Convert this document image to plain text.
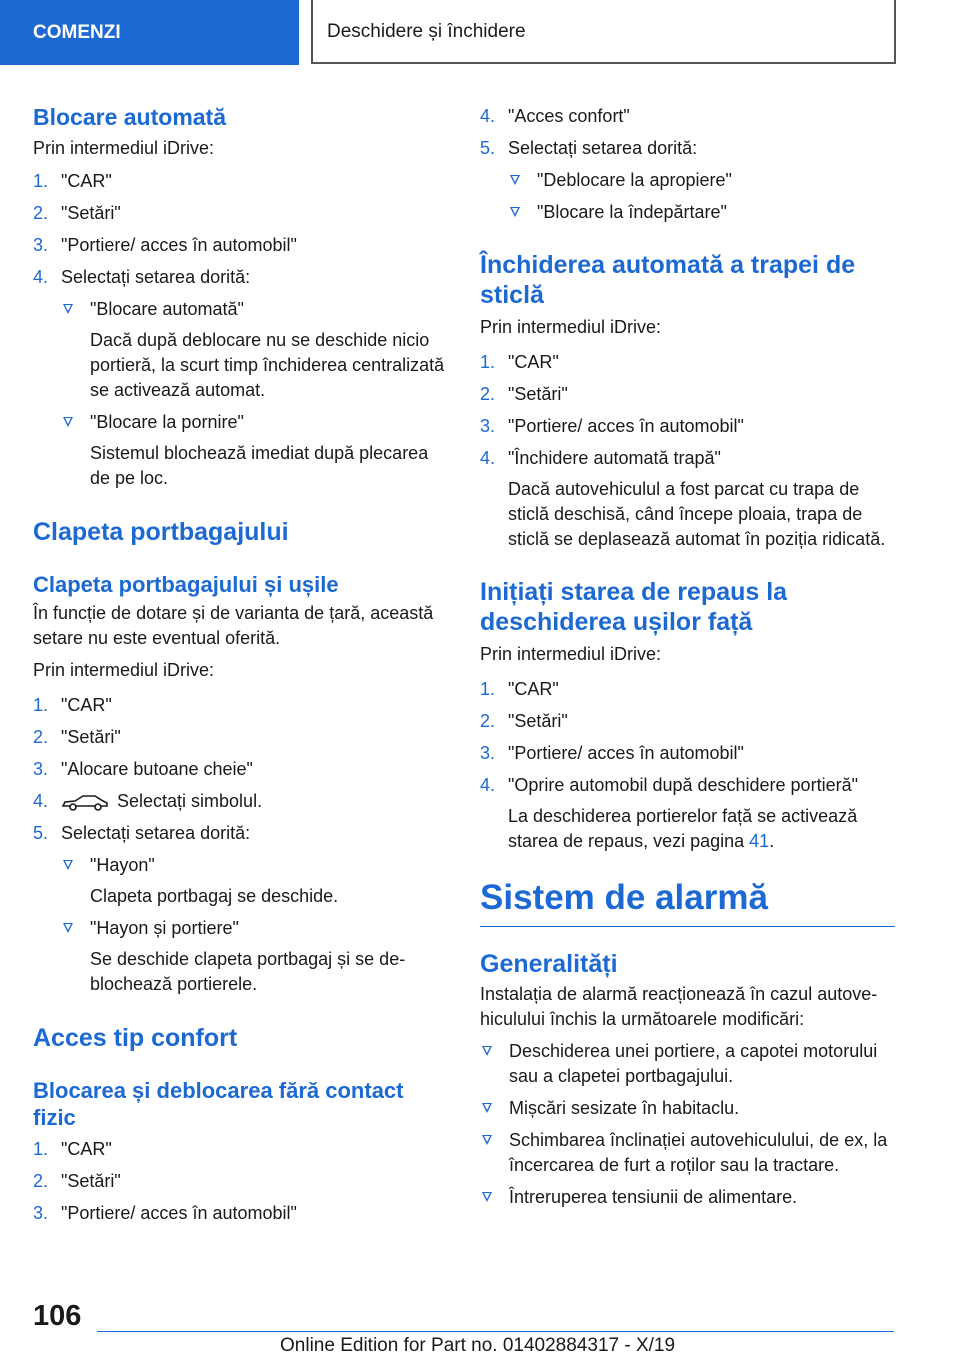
COMENZI	Deschidere și închidere
Blocare automată

Prin intermediul iDrive:

1. "CAR"
2. "Setări"
3. "Portiere/ acces în automobil"
4. Selectați setarea dorită:
"Blocare automată"

Dacă după deblocare nu se deschide nicio portieră, la scurt timp închiderea centralizată se activează automat.

"Blocare la pornire"

Sistemul blochează imediat după plecarea de pe loc.

Clapeta portbagajului
Clapeta portbagajului și ușile

În funcție de dotare și de varianta de țară, această setare nu este eventual oferită.

Prin intermediul iDrive:

1. "CAR"
2. "Setări"
3. "Alocare butoane cheie"
4.	Selectați simbolul.
5. Selectați setarea dorită:
"Hayon"

Clapeta portbagaj se deschide.

"Hayon și portiere"

Se deschide clapeta portbagaj și se deblochează portierele.

Acces tip confort
Blocarea și deblocarea fără contact fizic
1. "CAR"
2. "Setări"
3. "Portiere/ acces în automobil"
4. "Acces confort"
5. Selectați setarea dorită:
"Deblocare la apropiere"
"Blocare la îndepărtare"
Închiderea automată a trapei de sticlă

Prin intermediul iDrive:

1. "CAR"
2. "Setări"
3. "Portiere/ acces în automobil"
4. "Închidere automată trapă"

Dacă autovehiculul a fost parcat cu trapa de sticlă deschisă, când începe ploaia, trapa de sticlă se deplasează automat în poziția ridicată.

Inițiați starea de repaus la deschiderea ușilor față

Prin intermediul iDrive:

1. "CAR"
2. "Setări"
3. "Portiere/ acces în automobil"
4. "Oprire automobil după deschidere portieră"

La deschiderea portierelor față se activează starea de repaus, vezi pagina 41.

Sistem de alarmă
Generalități

Instalația de alarmă reacționează în cazul autovehiculului închis la următoarele modificări:

Deschiderea unei portiere, a capotei motorului sau a clapetei portbagajului.
Mișcări sesizate în habitaclu.
Schimbarea înclinației autovehiculului, de ex, la încercarea de furt a roților sau la tractare.
Întreruperea tensiunii de alimentare.
106
Online Edition for Part no. 01402884317 - X/19
